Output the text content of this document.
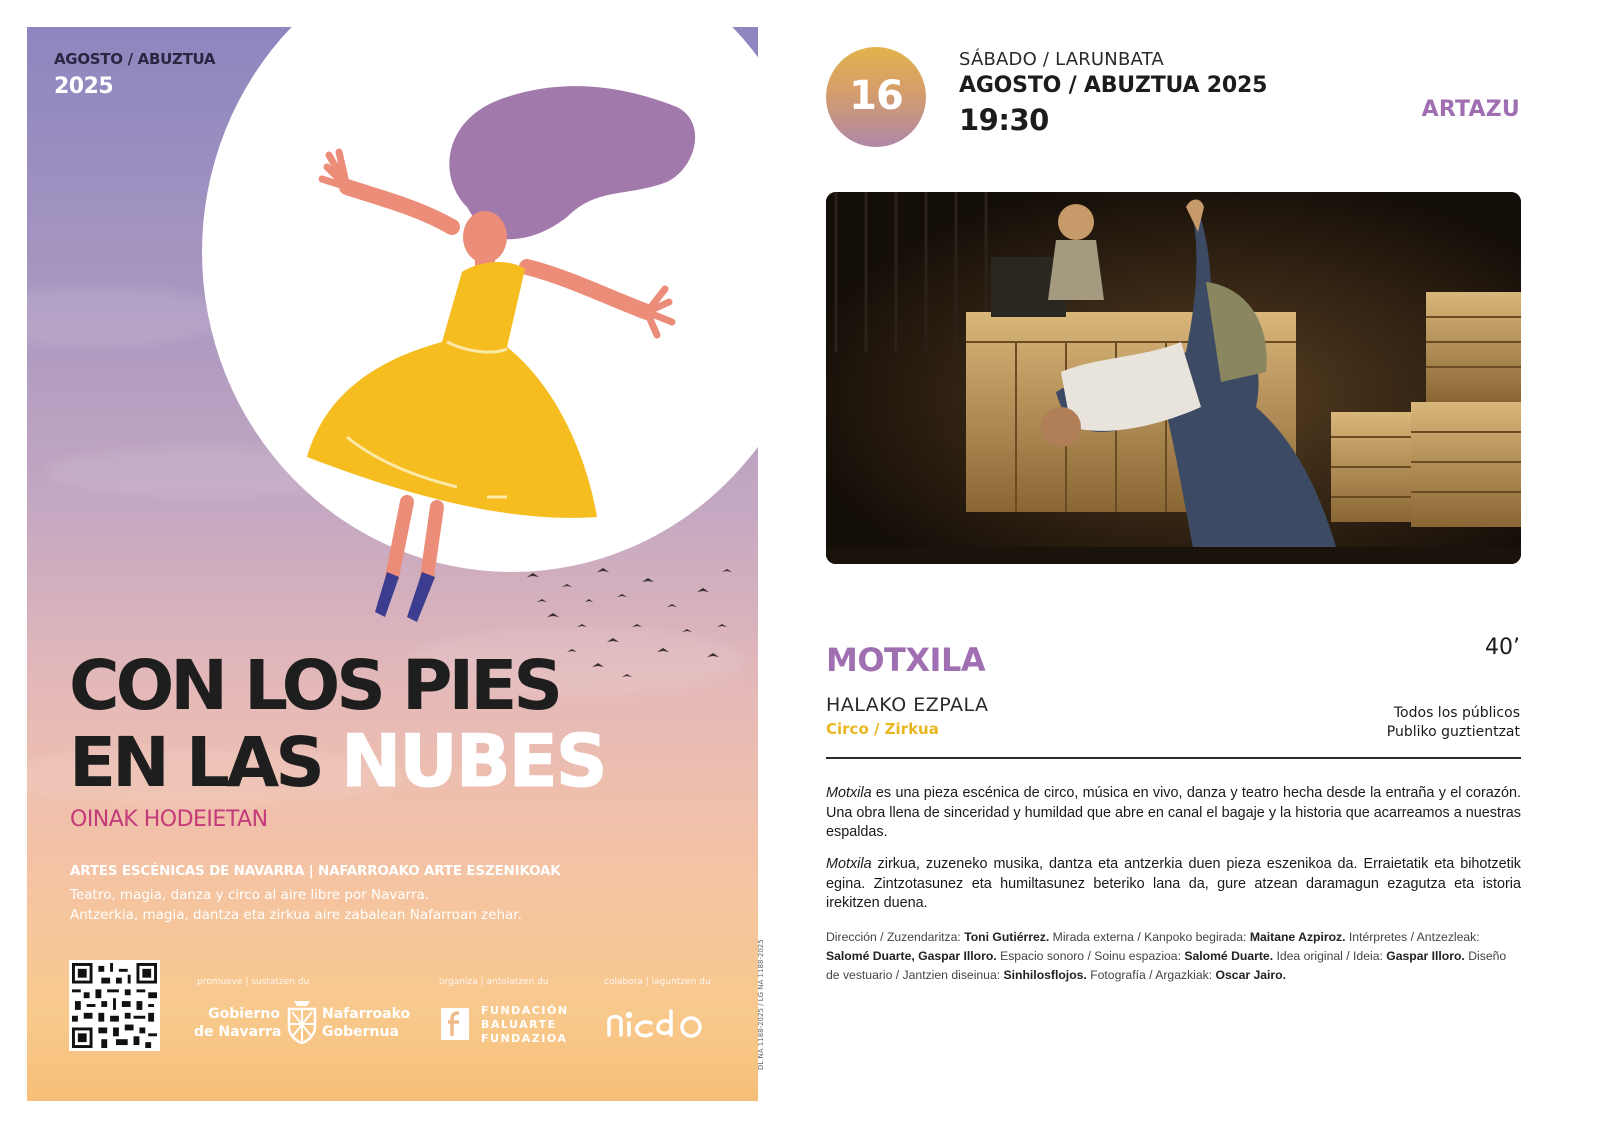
AGOSTO / ABUZTUA
2025
CON LOS PIES
EN LAS NUBES
OINAK HODEIETAN
ARTES ESCÉNICAS DE NAVARRA | NAFARROAKO ARTE ESZENIKOAK
Teatro, magia, danza y circo al aire libre por Navarra.
Antzerkia, magia, dantza eta zirkua aire zabalean Nafarroan zehar.
promueve | sustatzen du	organiza | antolatzen du	colabora | laguntzen du
Gobierno
de Navarra
Nafarroako
Gobernua
FUNDACIÓN
BALUARTE
FUNDAZIOA	DL NA 1188-2025 / LG NA 1188-2025
16
SÁBADO / LARUNBATA
AGOSTO / ABUZTUA 2025
19:30	ARTAZU
MOTXILA	40’
HALAKO EZPALA
Circo / Zirkua
Todos los públicos
Publiko guztientzat
Motxila es una pieza escénica de circo, música en vivo, danza y teatro hecha desde la entraña y el corazón. Una obra llena de sinceridad y humildad que abre en canal el bagaje y la historia que acarreamos a nuestras espaldas.
Motxila zirkua, zuzeneko musika, dantza eta antzerkia duen pieza eszenikoa da. Erraietatik eta bihotzetik egina. Zintzotasunez eta humiltasunez beteriko lana da, gure atzean daramagun ezagutza eta istoria irekitzen duena.
Dirección / Zuzendaritza: Toni Gutiérrez. Mirada externa / Kanpoko begirada: Maitane Azpiroz. Intérpretes / Antzezleak: Salomé Duarte, Gaspar Illoro. Espacio sonoro / Soinu espazioa: Salomé Duarte. Idea original / Ideia: Gaspar Illoro. Diseño de vestuario / Jantzien diseinua: Sinhilosflojos. Fotografía / Argazkiak: Oscar Jairo.
